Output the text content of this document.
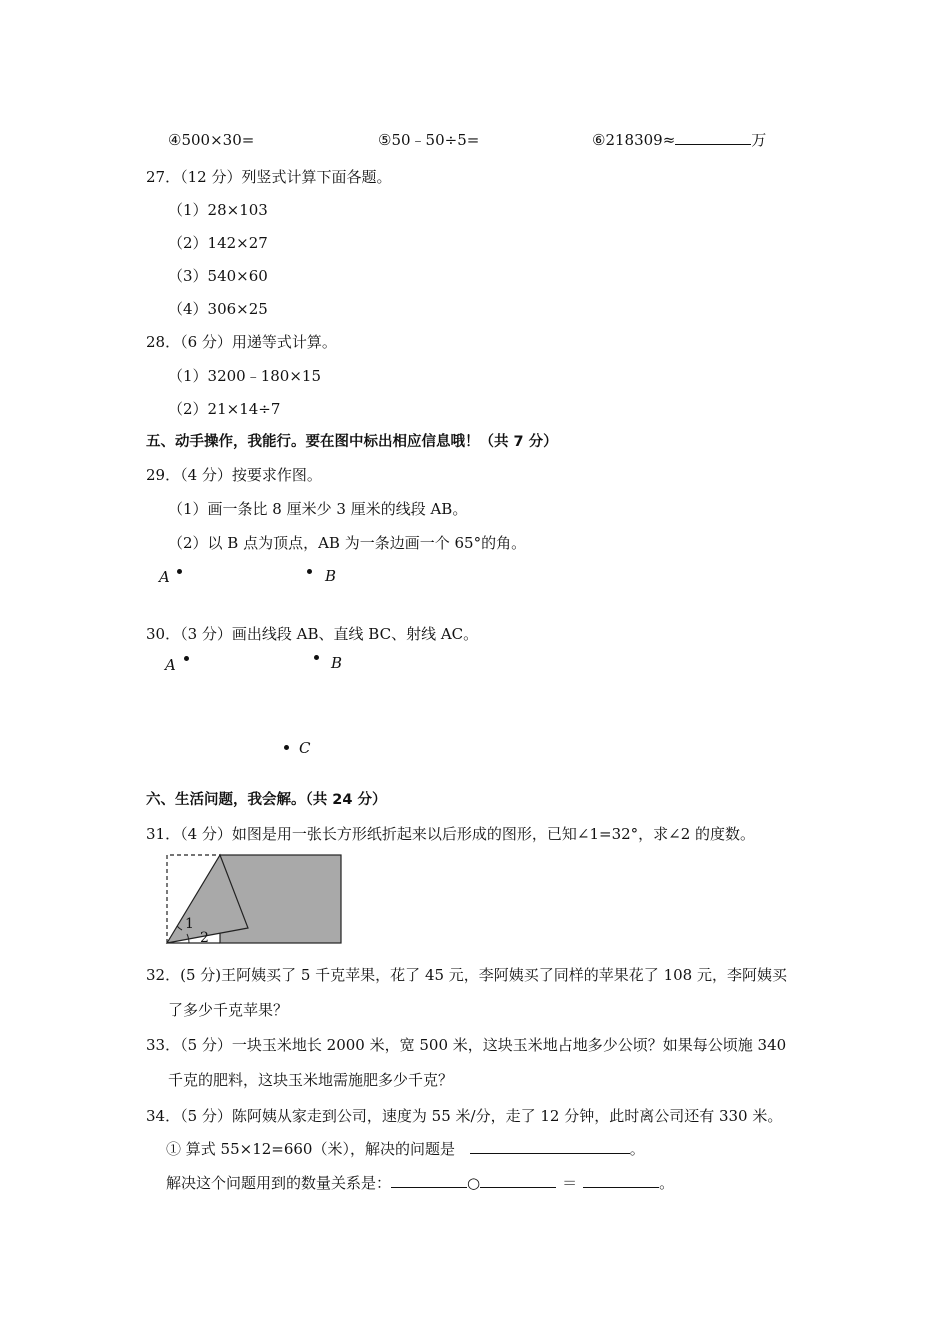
④500×30=	⑤50﹣50÷5=	⑥218309≈	万
27．（12 分）列竖式计算下面各题。
（1）28×103
（2）142×27
（3）540×60
（4）306×25
28．（6 分）用递等式计算。
（1）3200﹣180×15
（2）21×14÷7
五、动手操作，我能行。要在图中标出相应信息哦！（共 7 分）
29．（4 分）按要求作图。
（1）画一条比 8 厘米少 3 厘米的线段 AB。
（2）以 B 点为顶点，AB 为一条边画一个 65°的角。
A	B
30．（3 分）画出线段 AB、直线 BC、射线 AC。
A	B
C
六、生活问题，我会解。（共 24 分）
31．（4 分）如图是用一张长方形纸折起来以后形成的图形，已知∠1=32°，求∠2 的度数。
1
2
32．(5 分)王阿姨买了 5 千克苹果，花了 45 元，李阿姨买了同样的苹果花了 108 元，李阿姨买
了多少千克苹果？
33．（5 分）一块玉米地长 2000 米，宽 500 米，这块玉米地占地多少公顷？如果每公顷施 340
千克的肥料，这块玉米地需施肥多少千克？
34．（5 分）陈阿姨从家走到公司，速度为 55 米/分，走了 12 分钟，此时离公司还有 330 米。
① 算式 55×12=660（米），解决的问题是	。
解决这个问题用到的数量关系是：	○	＝	。
